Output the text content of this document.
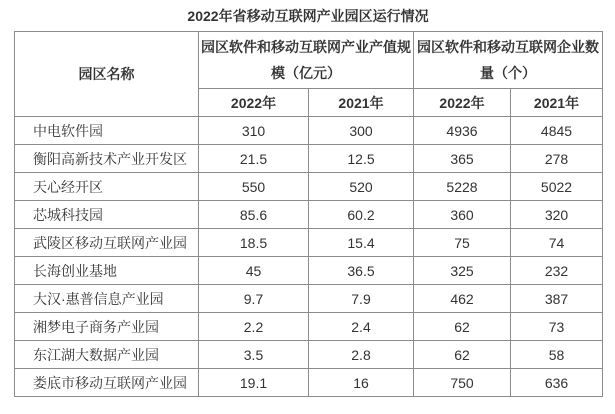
2022年省移动互联网产业园区运行情况
园区名称	园区软件和移动互联网产业产值规模（亿元）		园区软件和移动互联网企业数量（个）	
	2022年	2021年	2022年	2021年
中电软件园	310	300	4936	4845
衡阳高新技术产业开发区	21.5	12.5	365	278
天心经开区	550	520	5228	5022
芯城科技园	85.6	60.2	360	320
武陵区移动互联网产业园	18.5	15.4	75	74
长海创业基地	45	36.5	325	232
大汉·惠普信息产业园	9.7	7.9	462	387
湘梦电子商务产业园	2.2	2.4	62	73
东江湖大数据产业园	3.5	2.8	62	58
娄底市移动互联网产业园	19.1	16	750	636
